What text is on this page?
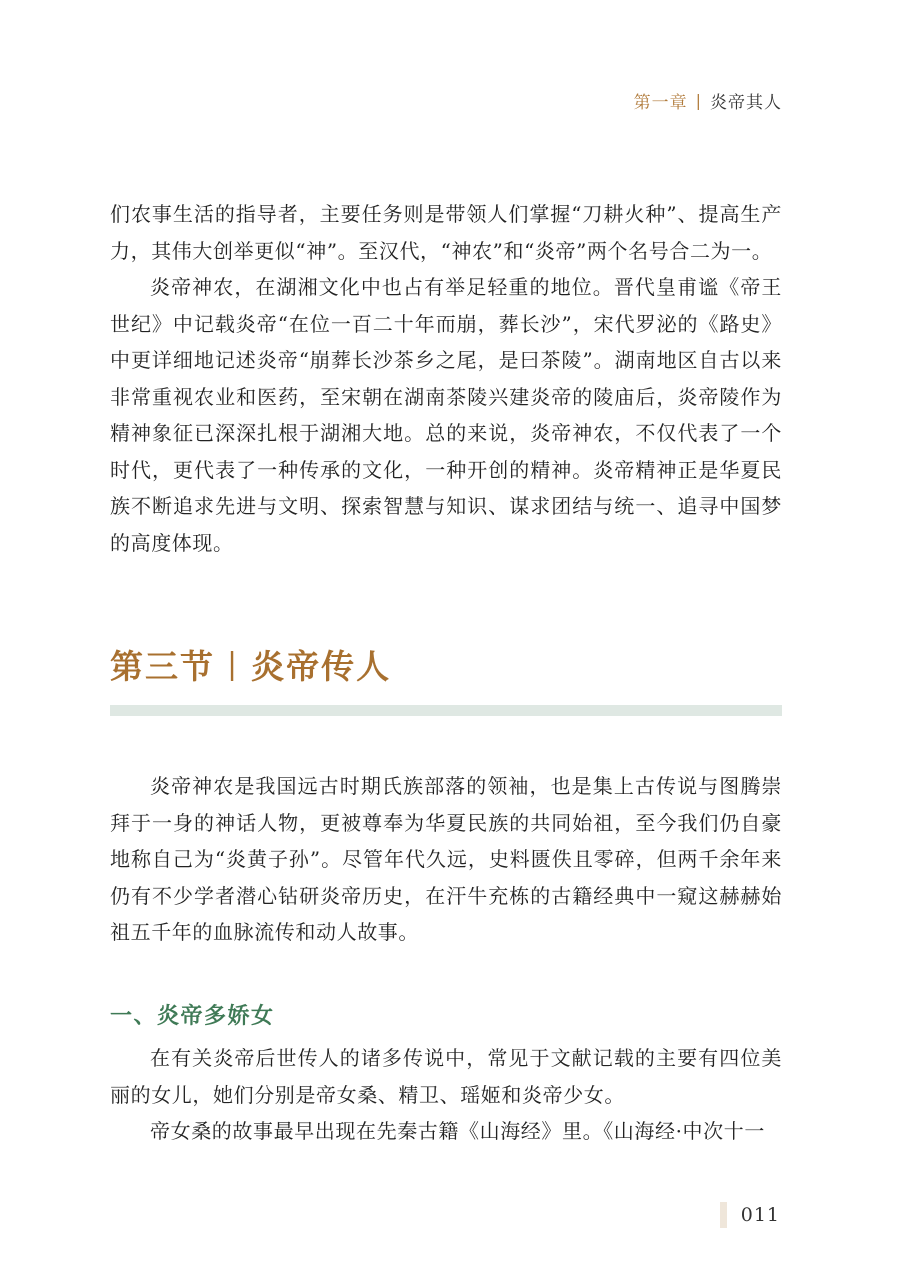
第一章 | 炎帝其人

们农事生活的指导者，主要任务则是带领人们掌握“刀耕火种”、提高生产力，其伟大创举更似“神”。至汉代，“神农”和“炎帝”两个名号合二为一。

炎帝神农，在湖湘文化中也占有举足轻重的地位。晋代皇甫谧《帝王世纪》中记载炎帝“在位一百二十年而崩，葬长沙”，宋代罗泌的《路史》中更详细地记述炎帝“崩葬长沙茶乡之尾，是曰茶陵”。湖南地区自古以来非常重视农业和医药，至宋朝在湖南茶陵兴建炎帝的陵庙后，炎帝陵作为精神象征已深深扎根于湖湘大地。总的来说，炎帝神农，不仅代表了一个时代，更代表了一种传承的文化，一种开创的精神。炎帝精神正是华夏民族不断追求先进与文明、探索智慧与知识、谋求团结与统一、追寻中国梦的高度体现。

第三节 | 炎帝传人

炎帝神农是我国远古时期氏族部落的领袖，也是集上古传说与图腾崇拜于一身的神话人物，更被尊奉为华夏民族的共同始祖，至今我们仍自豪地称自己为“炎黄子孙”。尽管年代久远，史料匮佚且零碎，但两千余年来仍有不少学者潜心钻研炎帝历史，在汗牛充栋的古籍经典中一窥这赫赫始祖五千年的血脉流传和动人故事。

一、炎帝多娇女

在有关炎帝后世传人的诸多传说中，常见于文献记载的主要有四位美丽的女儿，她们分别是帝女桑、精卫、瑶姬和炎帝少女。

帝女桑的故事最早出现在先秦古籍《山海经》里。《山海经·中次十一

011
